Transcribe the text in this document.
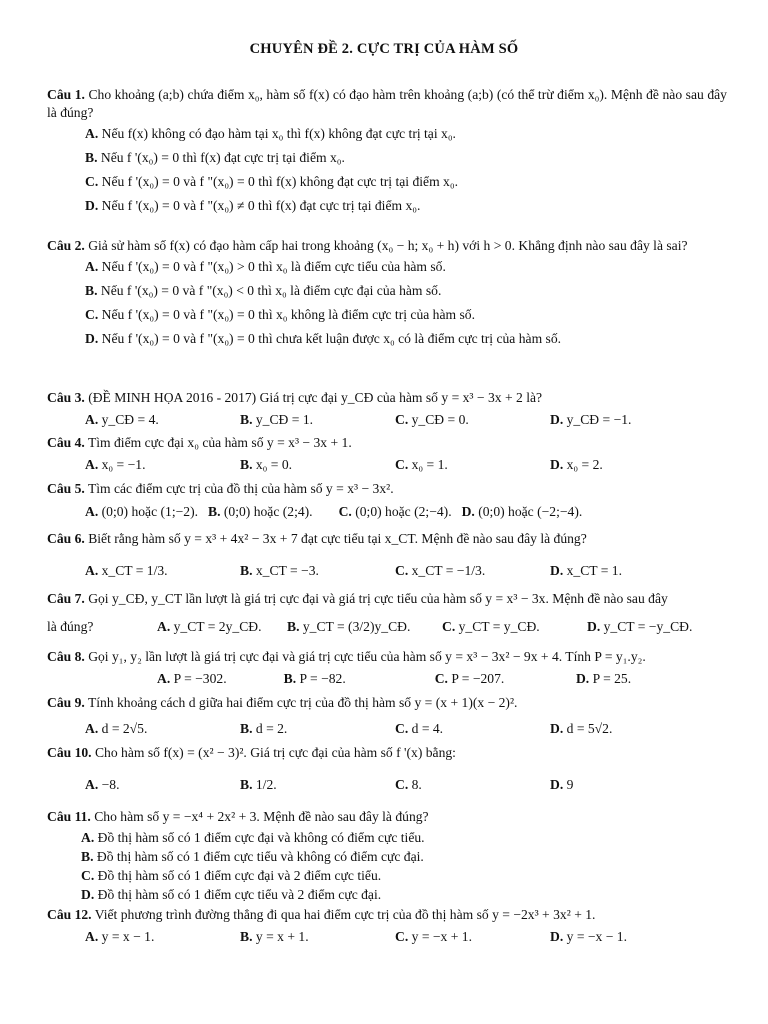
CHUYÊN ĐỀ 2. CỰC TRỊ CỦA HÀM SỐ
Câu 1. Cho khoảng (a;b) chứa điểm x₀, hàm số f(x) có đạo hàm trên khoảng (a;b) (có thể trừ điểm x₀). Mệnh đề nào sau đây là đúng?
A. Nếu f(x) không có đạo hàm tại x₀ thì f(x) không đạt cực trị tại x₀.
B. Nếu f '(x₀) = 0 thì f(x) đạt cực trị tại điểm x₀.
C. Nếu f '(x₀) = 0 và f "(x₀) = 0 thì f(x) không đạt cực trị tại điểm x₀.
D. Nếu f '(x₀) = 0 và f "(x₀) ≠ 0 thì f(x) đạt cực trị tại điểm x₀.
Câu 2. Giả sử hàm số f(x) có đạo hàm cấp hai trong khoảng (x₀ − h; x₀ + h) với h > 0. Khẳng định nào sau đây là sai?
A. Nếu f '(x₀) = 0 và f "(x₀) > 0 thì x₀ là điểm cực tiểu của hàm số.
B. Nếu f '(x₀) = 0 và f "(x₀) < 0 thì x₀ là điểm cực đại của hàm số.
C. Nếu f '(x₀) = 0 và f "(x₀) = 0 thì x₀ không là điểm cực trị của hàm số.
D. Nếu f '(x₀) = 0 và f "(x₀) = 0 thì chưa kết luận được x₀ có là điểm cực trị của hàm số.
Câu 3. (ĐỀ MINH HỌA 2016 - 2017) Giá trị cực đại y_CĐ của hàm số y = x³ − 3x + 2 là?
A. y_CĐ = 4.	B. y_CĐ = 1.	C. y_CĐ = 0.	D. y_CĐ = −1.
Câu 4. Tìm điểm cực đại x₀ của hàm số y = x³ − 3x + 1.
A. x₀ = −1.	B. x₀ = 0.	C. x₀ = 1.	D. x₀ = 2.
Câu 5. Tìm các điểm cực trị của đồ thị của hàm số y = x³ − 3x².
A. (0;0) hoặc (1;−2). B. (0;0) hoặc (2;4). C. (0;0) hoặc (2;−4). D. (0;0) hoặc (−2;−4).
Câu 6. Biết rằng hàm số y = x³ + 4x² − 3x + 7 đạt cực tiểu tại x_CT. Mệnh đề nào sau đây là đúng?
A. x_CT = 1/3.	B. x_CT = −3.	C. x_CT = −1/3.	D. x_CT = 1.
Câu 7. Gọi y_CĐ, y_CT lần lượt là giá trị cực đại và giá trị cực tiểu của hàm số y = x³ − 3x. Mệnh đề nào sau đây
là đúng?	A. y_CT = 2y_CĐ.	B. y_CT = (3/2)y_CĐ.	C. y_CT = y_CĐ.	D. y_CT = −y_CĐ.
Câu 8. Gọi y₁, y₂ lần lượt là giá trị cực đại và giá trị cực tiểu của hàm số y = x³ − 3x² − 9x + 4. Tính P = y₁.y₂.
A. P = −302.	B. P = −82.	C. P = −207.	D. P = 25.
Câu 9. Tính khoảng cách d giữa hai điểm cực trị của đồ thị hàm số y = (x + 1)(x − 2)².
A. d = 2√5.	B. d = 2.	C. d = 4.	D. d = 5√2.
Câu 10. Cho hàm số f(x) = (x² − 3)². Giá trị cực đại của hàm số f '(x) bằng:
A. −8.	B. 1/2.	C. 8.	D. 9
Câu 11. Cho hàm số y = −x⁴ + 2x² + 3. Mệnh đề nào sau đây là đúng?
A. Đồ thị hàm số có 1 điểm cực đại và không có điểm cực tiểu.
B. Đồ thị hàm số có 1 điểm cực tiểu và không có điểm cực đại.
C. Đồ thị hàm số có 1 điểm cực đại và 2 điểm cực tiểu.
D. Đồ thị hàm số có 1 điểm cực tiểu và 2 điểm cực đại.
Câu 12. Viết phương trình đường thẳng đi qua hai điểm cực trị của đồ thị hàm số y = −2x³ + 3x² + 1.
A. y = x − 1.	B. y = x + 1.	C. y = −x + 1.	D. y = −x − 1.
